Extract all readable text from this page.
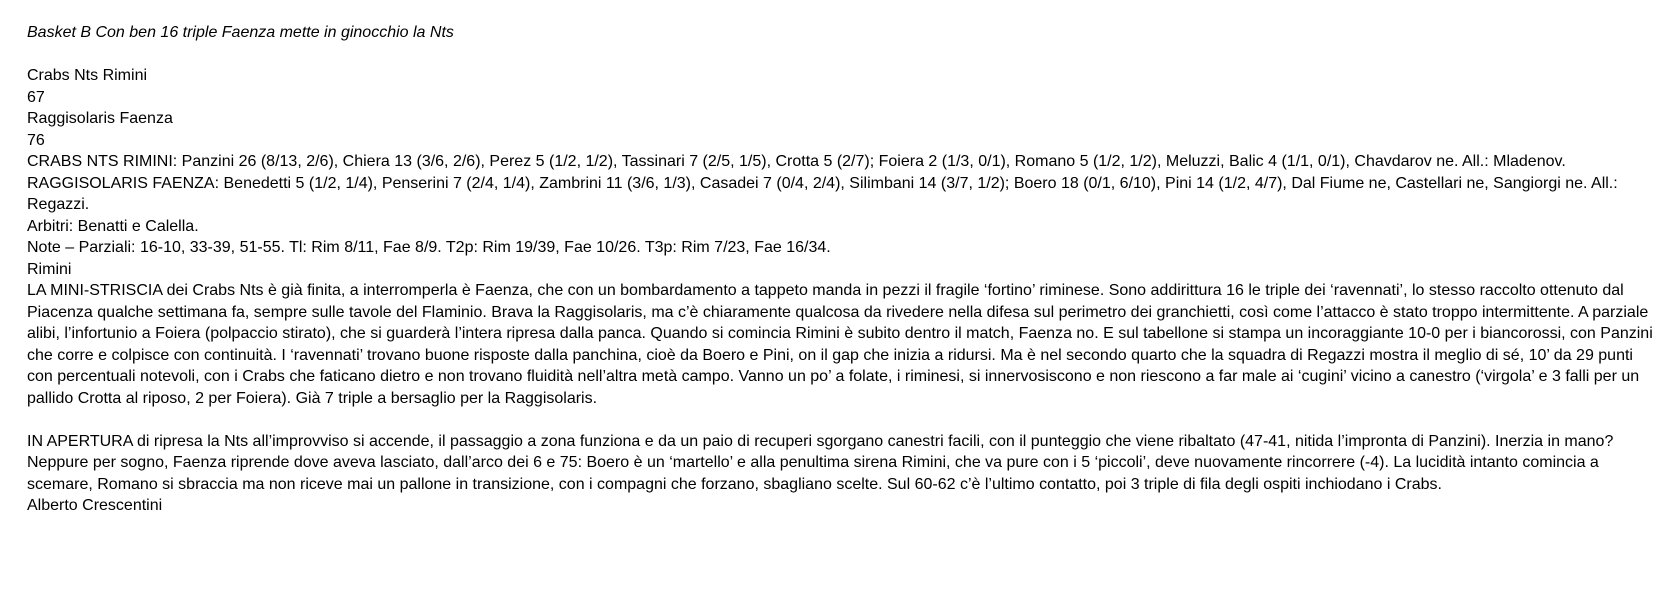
Basket B Con ben 16 triple Faenza mette in ginocchio la Nts
Crabs Nts Rimini
67
Raggisolaris Faenza
76
CRABS NTS RIMINI: Panzini 26 (8/13, 2/6), Chiera 13 (3/6, 2/6), Perez 5 (1/2, 1/2), Tassinari 7 (2/5, 1/5), Crotta 5 (2/7); Foiera 2 (1/3, 0/1), Romano 5 (1/2, 1/2), Meluzzi, Balic 4 (1/1, 0/1), Chavdarov ne. All.: Mladenov.
RAGGISOLARIS FAENZA: Benedetti 5 (1/2, 1/4), Penserini 7 (2/4, 1/4), Zambrini 11 (3/6, 1/3), Casadei 7 (0/4, 2/4), Silimbani 14 (3/7, 1/2); Boero 18 (0/1, 6/10), Pini 14 (1/2, 4/7), Dal Fiume ne, Castellari ne, Sangiorgi ne. All.: Regazzi.
Arbitri: Benatti e Calella.
Note – Parziali: 16-10, 33-39, 51-55. Tl: Rim 8/11, Fae 8/9. T2p: Rim 19/39, Fae 10/26. T3p: Rim 7/23, Fae 16/34.
Rimini
LA MINI-STRISCIA dei Crabs Nts è già finita, a interromperla è Faenza, che con un bombardamento a tappeto manda in pezzi il fragile ‘fortino’ riminese. Sono addirittura 16 le triple dei ‘ravennati’, lo stesso raccolto ottenuto dal Piacenza qualche settimana fa, sempre sulle tavole del Flaminio. Brava la Raggisolaris, ma c’è chiaramente qualcosa da rivedere nella difesa sul perimetro dei granchietti, così come l’attacco è stato troppo intermittente. A parziale alibi, l’infortunio a Foiera (polpaccio stirato), che si guarderà l’intera ripresa dalla panca. Quando si comincia Rimini è subito dentro il match, Faenza no. E sul tabellone si stampa un incoraggiante 10-0 per i biancorossi, con Panzini che corre e colpisce con continuità. I ‘ravennati’ trovano buone risposte dalla panchina, cioè da Boero e Pini, on il gap che inizia a ridursi. Ma è nel secondo quarto che la squadra di Regazzi mostra il meglio di sé, 10’ da 29 punti con percentuali notevoli, con i Crabs che faticano dietro e non trovano fluidità nell’altra metà campo. Vanno un po’ a folate, i riminesi, si innervosiscono e non riescono a far male ai ‘cugini’ vicino a canestro (‘virgola’ e 3 falli per un pallido Crotta al riposo, 2 per Foiera). Già 7 triple a bersaglio per la Raggisolaris.
IN APERTURA di ripresa la Nts all’improvviso si accende, il passaggio a zona funziona e da un paio di recuperi sgorgano canestri facili, con il punteggio che viene ribaltato (47-41, nitida l’impronta di Panzini). Inerzia in mano? Neppure per sogno, Faenza riprende dove aveva lasciato, dall’arco dei 6 e 75: Boero è un ‘martello’ e alla penultima sirena Rimini, che va pure con i 5 ‘piccoli’, deve nuovamente rincorrere (-4). La lucidità intanto comincia a scemare, Romano si sbraccia ma non riceve mai un pallone in transizione, con i compagni che forzano, sbagliano scelte. Sul 60-62 c’è l’ultimo contatto, poi 3 triple di fila degli ospiti inchiodano i Crabs.
Alberto Crescentini
